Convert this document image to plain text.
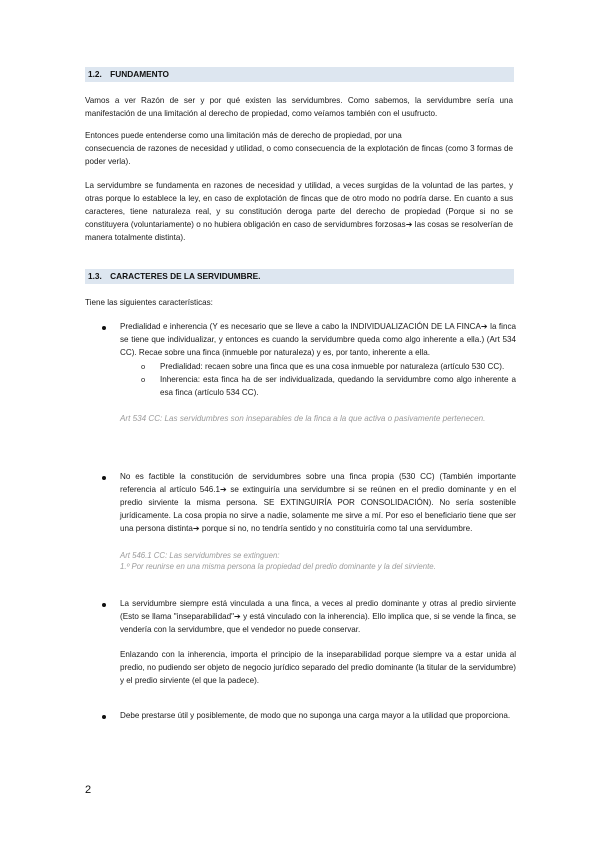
1.2. FUNDAMENTO

Vamos a ver Razón de ser y por qué existen las servidumbres. Como sabemos, la servidumbre sería una manifestación de una limitación al derecho de propiedad, como veíamos también con el usufructo.

Entonces puede entenderse como una limitación más de derecho de propiedad, por una

consecuencia de razones de necesidad y utilidad, o como consecuencia de la explotación de fincas (como 3 formas de poder verla).

La servidumbre se fundamenta en razones de necesidad y utilidad, a veces surgidas de la voluntad de las partes, y otras porque lo establece la ley, en caso de explotación de fincas que de otro modo no podría darse. En cuanto a sus caracteres, tiene naturaleza real, y su constitución deroga parte del derecho de propiedad (Porque si no se constituyera (voluntariamente) o no hubiera obligación en caso de servidumbres forzosas➔ las cosas se resolverían de manera totalmente distinta).

1.3. CARACTERES DE LA SERVIDUMBRE.

Tiene las siguientes características:

Predialidad e inherencia (Y es necesario que se lleve a cabo la INDIVIDUALIZACIÓN DE LA FINCA➔ la finca se tiene que individualizar, y entonces es cuando la servidumbre queda como algo inherente a ella.) (Art 534 CC). Recae sobre una finca (inmueble por naturaleza) y es, por tanto, inherente a ella.

o Predialidad: recaen sobre una finca que es una cosa inmueble por naturaleza (artículo 530 CC).

o Inherencia: esta finca ha de ser individualizada, quedando la servidumbre como algo inherente a esa finca (artículo 534 CC).

Art 534 CC: Las servidumbres son inseparables de la finca a la que activa o pasivamente pertenecen.

No es factible la constitución de servidumbres sobre una finca propia (530 CC) (También importante referencia al artículo 546.1➔ se extinguiría una servidumbre si se reúnen en el predio dominante y en el predio sirviente la misma persona. SE EXTINGUIRÍA POR CONSOLIDACIÓN). No sería sostenible jurídicamente. La cosa propia no sirve a nadie, solamente me sirve a mí. Por eso el beneficiario tiene que ser una persona distinta➔ porque si no, no tendría sentido y no constituiría como tal una servidumbre.

Art 546.1 CC: Las servidumbres se extinguen:

1.º Por reunirse en una misma persona la propiedad del predio dominante y la del sirviente.

La servidumbre siempre está vinculada a una finca, a veces al predio dominante y otras al predio sirviente (Esto se llama "inseparabilidad"➔ y está vinculado con la inherencia). Ello implica que, si se vende la finca, se vendería con la servidumbre, que el vendedor no puede conservar.

Enlazando con la inherencia, importa el principio de la inseparabilidad porque siempre va a estar unida al predio, no pudiendo ser objeto de negocio jurídico separado del predio dominante (la titular de la servidumbre) y el predio sirviente (el que la padece).

Debe prestarse útil y posiblemente, de modo que no suponga una carga mayor a la utilidad que proporciona.

2
